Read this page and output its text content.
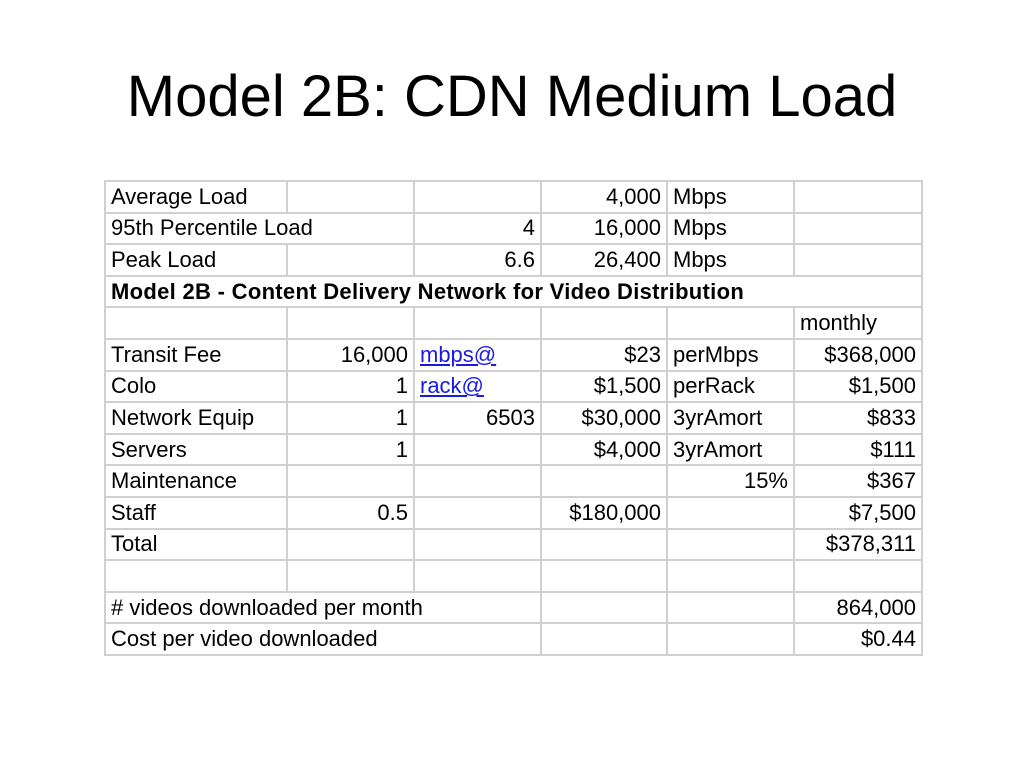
Model 2B: CDN Medium Load
Average Load			4,000	Mbps	
95th Percentile Load		4	16,000	Mbps	
Peak Load		6.6	26,400	Mbps	
Model 2B - Content Delivery Network for Video Distribution					
					monthly
Transit Fee	16,000	mbps@	$23	perMbps	$368,000
Colo	1	rack@	$1,500	perRack	$1,500
Network Equip	1	6503	$30,000	3yrAmort	$833
Servers	1		$4,000	3yrAmort	$111
Maintenance				15%	$367
Staff	0.5		$180,000		$7,500
Total					$378,311

# videos downloaded per month					864,000
Cost per video downloaded					$0.44
